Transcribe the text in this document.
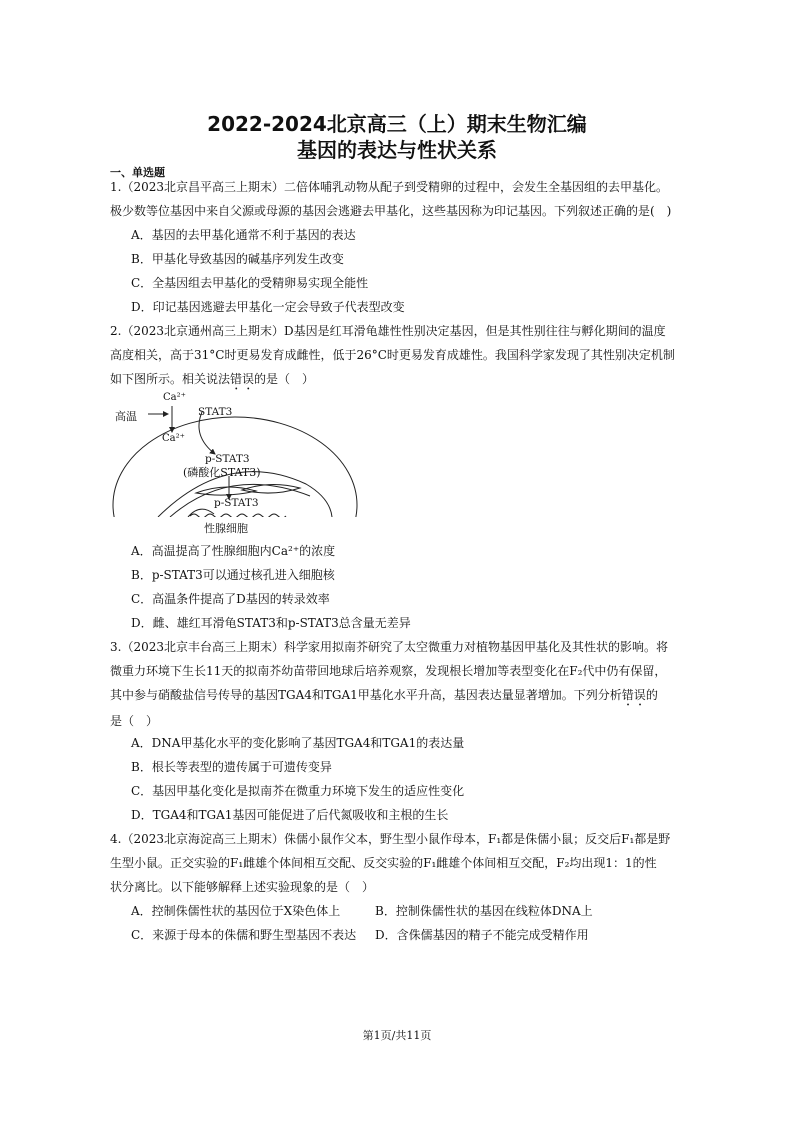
2022-2024北京高三（上）期末生物汇编
基因的表达与性状关系
一、单选题

1.（2023北京昌平高三上期末）二倍体哺乳动物从配子到受精卵的过程中，会发生全基因组的去甲基化。

极少数等位基因中来自父源或母源的基因会逃避去甲基化，这些基因称为印记基因。下列叙述正确的是(　)

A．基因的去甲基化通常不利于基因的表达
B．甲基化导致基因的碱基序列发生改变
C．全基因组去甲基化的受精卵易实现全能性
D．印记基因逃避去甲基化一定会导致子代表型改变

2.（2023北京通州高三上期末）D基因是红耳滑龟雄性性别决定基因，但是其性别往往与孵化期间的温度

高度相关，高于31°C时更易发育成雌性，低于26°C时更易发育成雄性。我国科学家发现了其性别决定机制

如下图所示。相关说法错误的是（　）

高温
Ca²⁺
STAT3
Ca²⁺
p-STAT3
(磷酸化STAT3)
p-STAT3
性腺细胞
A．高温提高了性腺细胞内Ca²⁺的浓度
B．p-STAT3可以通过核孔进入细胞核
C．高温条件提高了D基因的转录效率
D．雌、雄红耳滑龟STAT3和p-STAT3总含量无差异

3.（2023北京丰台高三上期末）科学家用拟南芥研究了太空微重力对植物基因甲基化及其性状的影响。将

微重力环境下生长11天的拟南芥幼苗带回地球后培养观察，发现根长增加等表型变化在F₂代中仍有保留，

其中参与硝酸盐信号传导的基因TGA4和TGA1甲基化水平升高，基因表达量显著增加。下列分析错误的

是（　）

A．DNA甲基化水平的变化影响了基因TGA4和TGA1的表达量
B．根长等表型的遗传属于可遗传变异
C．基因甲基化变化是拟南芥在微重力环境下发生的适应性变化
D．TGA4和TGA1基因可能促进了后代氮吸收和主根的生长

4.（2023北京海淀高三上期末）侏儒小鼠作父本，野生型小鼠作母本，F₁都是侏儒小鼠；反交后F₁都是野

生型小鼠。正交实验的F₁雌雄个体间相互交配、反交实验的F₁雌雄个体间相互交配，F₂均出现1：1的性

状分离比。以下能够解释上述实验现象的是（　）

A．控制侏儒性状的基因位于X染色体上	B．控制侏儒性状的基因在线粒体DNA上
C．来源于母本的侏儒和野生型基因不表达 D．含侏儒基因的精子不能完成受精作用
第1页/共11页
